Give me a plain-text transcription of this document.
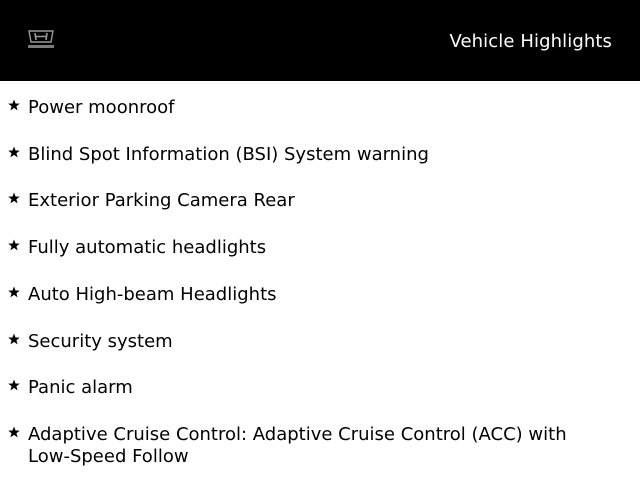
Vehicle Highlights
Power moonroof
Blind Spot Information (BSI) System warning
Exterior Parking Camera Rear
Fully automatic headlights
Auto High-beam Headlights
Security system
Panic alarm
Adaptive Cruise Control: Adaptive Cruise Control (ACC) with Low-Speed Follow
